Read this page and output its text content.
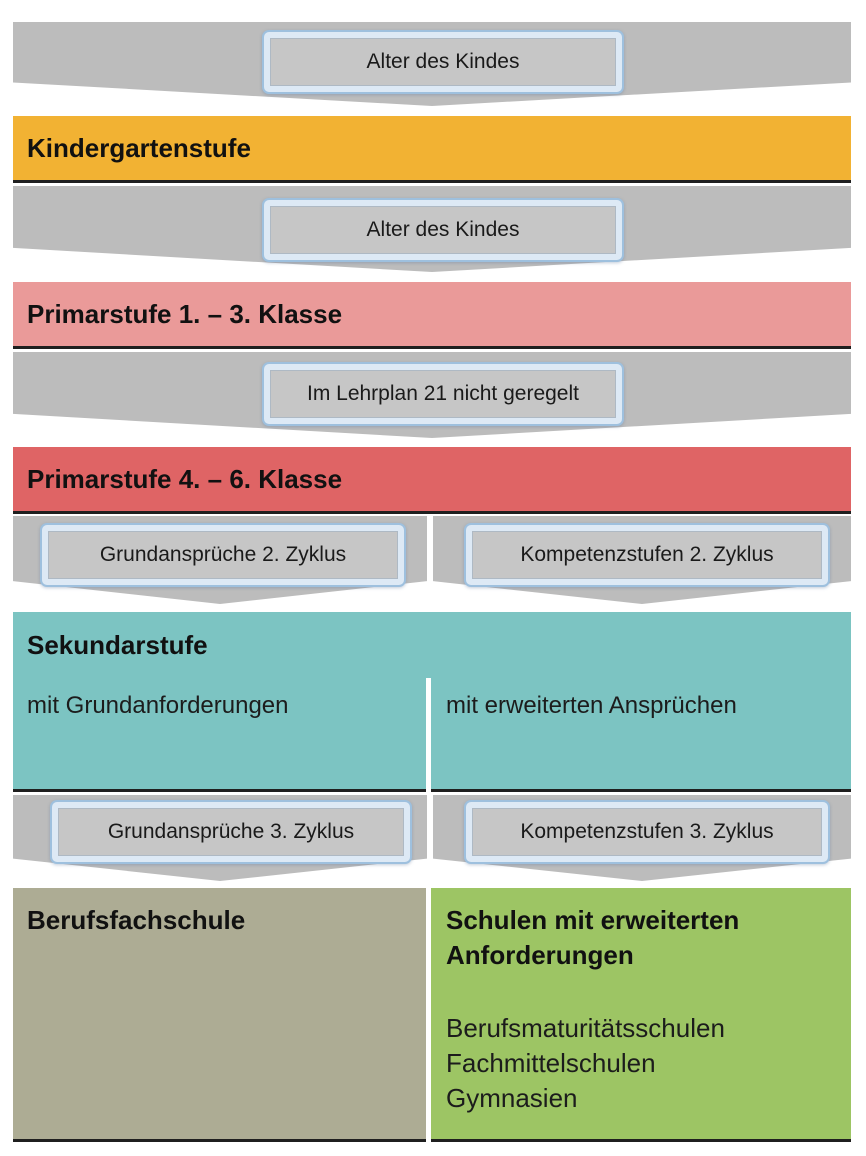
Alter des Kindes
Kindergartenstufe
Alter des Kindes
Primarstufe 1. – 3. Klasse
Im Lehrplan 21 nicht geregelt
Primarstufe 4. – 6. Klasse
Grundansprüche 2. Zyklus	Kompetenzstufen 2. Zyklus
Sekundarstufe
mit Grundanforderungen	mit erweiterten Ansprüchen
Grundansprüche 3. Zyklus	Kompetenzstufen 3. Zyklus
Berufsfachschule	Schulen mit erweiterten
Anforderungen
Berufsmaturitätsschulen
Fachmittelschulen
Gymnasien
